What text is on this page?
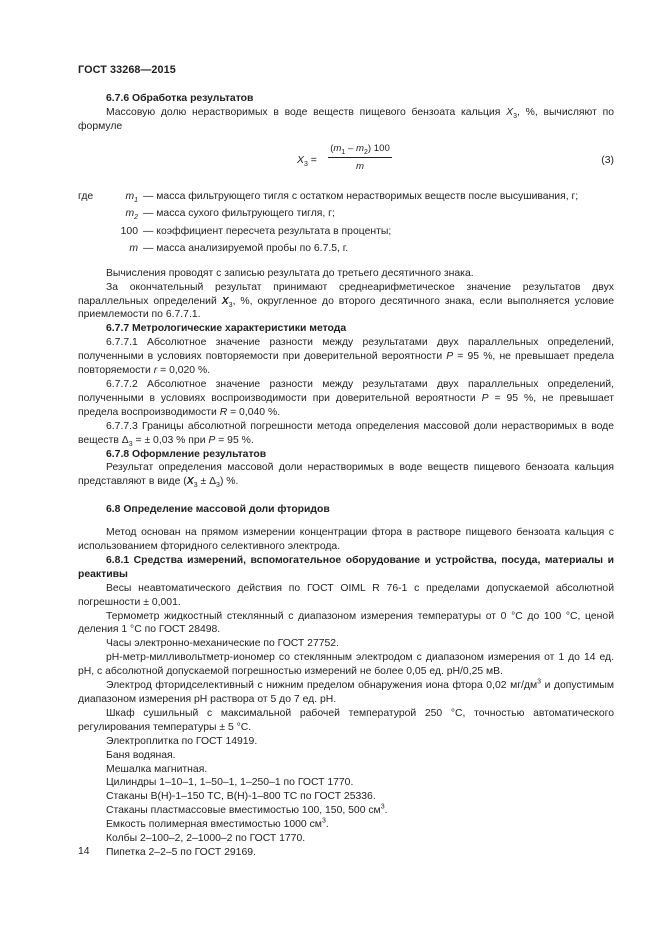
ГОСТ 33268—2015

6.7.6 Обработка результатов

Массовую долю нерастворимых в воде веществ пищевого бензоата кальция $X_3$, %, вычисляют по формуле

$X_3 = \frac{(m_1 - m_2) 100}{m}$	(3)
где	$m_1$ — масса фильтрующего тигля с остатком нерастворимых веществ после высушивания, г;
$m_2$ — масса сухого фильтрующего тигля, г;
100 — коэффициент пересчета результата в проценты;
m — масса анализируемой пробы по 6.7.5, г.

Вычисления проводят с записью результата до третьего десятичного знака.

За окончательный результат принимают среднеарифметическое значение результатов двух параллельных определений $X_3$, %, округленное до второго десятичного знака, если выполняется условие приемлемости по 6.7.7.1.

6.7.7 Метрологические характеристики метода

6.7.7.1 Абсолютное значение разности между результатами двух параллельных определений, полученными в условиях повторяемости при доверительной вероятности P = 95 %, не превышает предела повторяемости r = 0,020 %.

6.7.7.2 Абсолютное значение разности между результатами двух параллельных определений, полученными в условиях воспроизводимости при доверительной вероятности P = 95 %, не превышает предела воспроизводимости R = 0,040 %.

6.7.7.3 Границы абсолютной погрешности метода определения массовой доли нерастворимых в воде веществ $\Delta_3$ = ± 0,03 % при P = 95 %.

6.7.8 Оформление результатов

Результат определения массовой доли нерастворимых в воде веществ пищевого бензоата кальция представляют в виде $(X_3 \pm \Delta_3)$ %.

6.8 Определение массовой доли фторидов

Метод основан на прямом измерении концентрации фтора в растворе пищевого бензоата кальция с использованием фторидного селективного электрода.

6.8.1 Средства измерений, вспомогательное оборудование и устройства, посуда, материалы и реактивы

Весы неавтоматического действия по ГОСТ OIML R 76-1 с пределами допускаемой абсолютной погрешности ± 0,001.

Термометр жидкостный стеклянный с диапазоном измерения температуры от 0 °С до 100 °С, ценой деления 1 °С по ГОСТ 28498.

Часы электронно-механические по ГОСТ 27752.

pH-метр-милливольтметр-иономер со стеклянным электродом с диапазоном измерения от 1 до 14 ед. pH, с абсолютной допускаемой погрешностью измерений не более 0,05 ед. pH/0,25 мВ.

Электрод фторидселективный с нижним пределом обнаружения иона фтора 0,02 $мг/дм^3$ и допустимым диапазоном измерения pH раствора от 5 до 7 ед. pH.

Шкаф сушильный с максимальной рабочей температурой 250 °С, точностью автоматического регулирования температуры ± 5 °С.

Электроплитка по ГОСТ 14919.

Баня водяная.

Мешалка магнитная.

Цилиндры 1–10–1, 1–50–1, 1–250–1 по ГОСТ 1770.

Стаканы В(Н)-1–150 ТС, В(Н)-1–800 ТС по ГОСТ 25336.

Стаканы пластмассовые вместимостью 100, 150, 500 $см^3$.

Емкость полимерная вместимостью 1000 $см^3$.

Колбы 2–100–2, 2–1000–2 по ГОСТ 1770.

Пипетка 2–2–5 по ГОСТ 29169.

14
